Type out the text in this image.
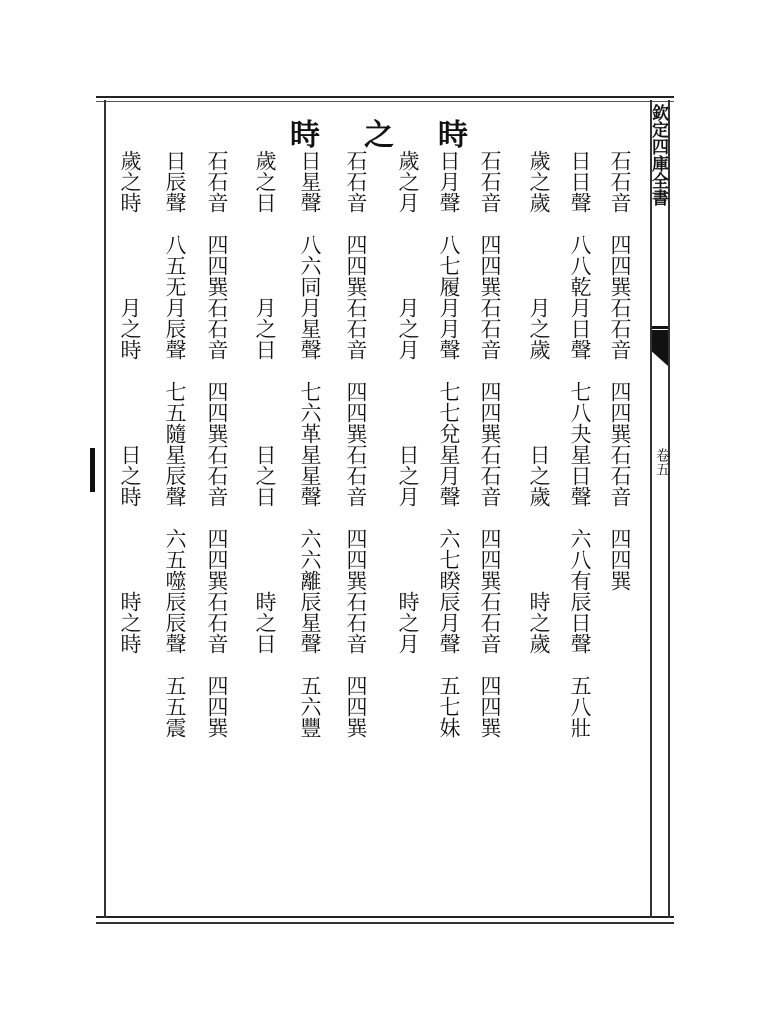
時之時	欽定四庫全書
卷五
石石音　四四巽石石音　四四巽石石音　四四巽
日日聲　八八乾月日聲　七八夬星日聲　六八有辰日聲　五八壯
歲之歲　　　　月之歲　　　　日之歲　　　　時之歲
石石音　四四巽石石音　四四巽石石音　四四巽石石音　四四巽
日月聲　八七履月月聲　七七兌星月聲　六七睽辰月聲　五七妹
歲之月　　　　月之月　　　　日之月　　　　時之月
石石音　四四巽石石音　四四巽石石音　四四巽石石音　四四巽
日星聲　八六同月星聲　七六革星星聲　六六離辰星聲　五六豐
歲之日　　　　月之日　　　　日之日　　　　時之日
石石音　四四巽石石音　四四巽石石音　四四巽石石音　四四巽
日辰聲　八五无月辰聲　七五隨星辰聲　六五噬辰辰聲　五五震
歲之時　　　　月之時　　　　日之時　　　　時之時
